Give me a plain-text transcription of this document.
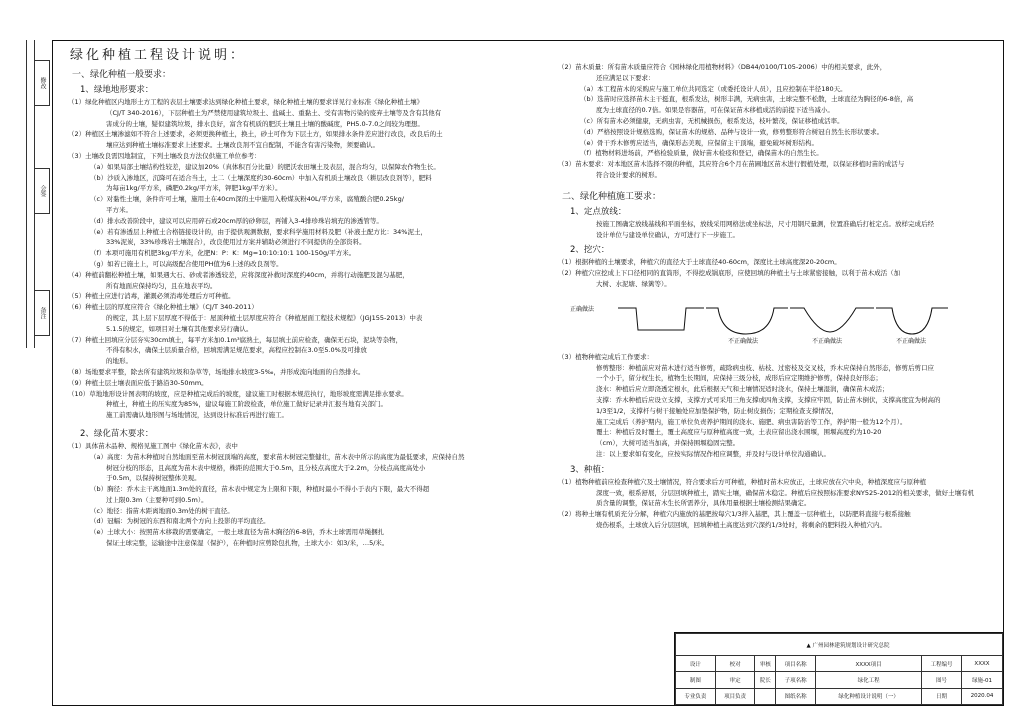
修改
会签
备注
绿化种植工程设计说明：
一、绿化种植一般要求：
1、绿地地形要求：

（1）绿化种植区内地形土方工程的表层土壤要求达到绿化种植土要求，绿化种植土壤的要求详见行业标准《绿化种植土壤》

（CJ/T 340-2016），下层种植土为严禁使用建筑垃圾土、盐碱土、重黏土、受有害物污染的废弃土壤等及含有其他有

害成分的土壤，疑似建筑垃圾，排水良好，富含有机质的肥沃土壤且土壤的酸碱度，PH5.0-7.0之间较为理想。

（2）种植区土壤渗滤如不符合上述要求，必须更换种植土，换土，砂土可作为下层土方，如果排水条件差应进行改良，改良后的土

壤应达到种植土壤标准要求上述要求。土壤改良剂不宜自配制，不能含有害污染物，须要确认。

（3）土壤改良需因地制宜，下列土壤改良方法仅供施工单位参考：

（a）如果局部土壤结构性较差，建议加20%（真体积百分比量）的肥沃农田壤土及表层，混合均匀，以保障农作物生长。

（b）沙质入渗地区，沉降可在适合当土，土二（土壤深度约30-60cm）中加入有机质土壤改良（耕层改良剂等），肥料

为每亩1kg/平方米，磷肥0.2kg/平方米，钾肥1kg/平方米）。

（c）对黏性土壤，条件许可土壤，施用土在40cm深的土中施用入粉煤灰粉40L/平方米，腐殖酸合肥0.25kg/

平方米。

（d）排水改善阶段中，建议可以应用碎石或20cm厚的砂卵层，再铺入3-4排珍珠岩填充的渗透管等。

（e）若有渗透层上种植土合格链接设计的，由于提供观测数据，要求科学施用材料及肥（补液土配方比：34%泥土，

33%泥炭，33%珍珠岩土壤混合），改良使用过方案并辅助必须进行不同提供的全部资料。

（f）本项可施用有机肥3kg/平方米，化肥N：P：K：Mg=10:10:10:1 100-150g/平方米。

（g）如若已施土上，可以高级配合使用PH值为6上述的改良剂等。

（4）种植前翻松种植土壤，如果遇大石、砂或者渗透较差，应将深度补救时深度约40cm，并将行动施肥及混匀基肥，

所有地面应保持均匀，且在地表平均。

（5）种植土应进行消毒，灌溉必须消毒处理后方可种植。

（6）种植土层的厚度应符合《绿化种植土壤》（CJ/T 340-2011）

的规定，其上层下层厚度不得低于：屋顶种植土层厚度应符合《种植屋面工程技术规程》（JGJ155-2013）中表

5.1.5的规定，如项目对土壤有其他要求另行确认。

（7）种植土回填应分层夯实30cm填土，每平方米加0.1m³腐熟土，每层填土前应检查，确保无石块，泥块等杂物，

不得有积水，确保土层质量合格，回填需满足规范要求，高程应控制在3.0至5.0%及可排放

的地形。

（8）场地要求平整，除去所有建筑垃圾和杂草等，场地排水坡度3-5‰，并形成流向地面的自然排水。

（9）种植土层土壤表面应低于路沿30-50mm。

（10）草地地形设计图表明的坡度，应是种植完成后的坡度，建议施工时根据本规范执行，地形坡度需满足排水要求。

种植土，种植土的压实度为85%，建议每施工阶段检查，单位施工做好记录并汇报当地有关部门。

施工前需确认地形图与场地情况，达到设计标准后再进行施工。

2、绿化苗木要求：

（1）具体苗木品种、规格见施工图中《绿化苗木表》，表中

（a）高度：为苗木种植时自然地面至苗木树冠顶端的高度，要求苗木树冠完整健壮，苗木表中所示的高度为最低要求，应保持自然

树冠分枝的形态，且高度为苗木表中规格，株距的范围大于0.5m，且分枝点高度大于2.2m，分枝点高度高处小

于0.5m，以保持树冠整体美观。

（b）胸径：乔木主干离地面1.3m处的直径，苗木表中规定为上限和下限，种植时最小不得小于表内下限，最大不得超

过上限0.3m（主要种可到0.5m）。

（c）地径：指苗木距离地面0.3m处的树干直径。

（d）冠幅：为树冠的东西和南北两个方向上投影的平均直径。

（e）土球大小：按照苗木移栽的需要确定，一般土球直径为苗木胸径的6-8倍，乔木土球需用草绳捆扎

保证土球完整，运输途中注意保湿（保护），在种植时应剪除包扎物，土球大小：如3/米，…5/米。

（2）苗木质量：所有苗木质量应符合《园林绿化用植物材料》（DB44/0100/T105-2006）中的相关要求，此外，

还应满足以下要求：

（a）本工程苗木的采购应与施工单位共同选定（或委托设计人员），且应控制在半径180天。

（b）选苗时应选择苗木主干挺直，根系发达，树形丰满，无病虫害，土球完整不松散，土球直径为胸径的6-8倍，高

度为土球直径的0.7倍。如果是容器苗，可在保证苗木移植成活的前提下适当减小。

（c）所有苗木必须健康，无病虫害，无机械损伤，根系发达，枝叶繁茂，保证移植成活率。

（d）严格按照设计规格选购，保证苗木的规格、品种与设计一致，修剪整形符合树冠自然生长形状要求。

（e）骨干乔木修剪应适当，确保形态美观，应保留主干顶端，避免破坏树形结构。

（f）植物材料进场前，严格检验质量，做好苗木检疫和登记，确保苗木的自然生长。

（3）苗木要求：对本地区苗木选择不限的种植，其应符合6个月在苗圃地区苗木进行假植处理，以保证移植时苗的成活与

符合设计要求的树形。

二、绿化种植施工要求：
1、定点放线：

按施工图确定放线基线和平面坐标，放线采用网格法或坐标法，尺寸用钢尺量测，位置准确后打桩定点。放样完成后经

设计单位与建设单位确认，方可进行下一步施工。

2、挖穴：

（1）根据种植的土壤要求，种植穴的直径大于土球直径40-60cm，深度比土球高度深20-20cm。

（2）种植穴应挖成上下口径相同的直筒形，不得挖成锅底形，应使回填的种植土与土球紧密接触，以利于苗木成活（加

大树、水泥塘、绿篱等）。

正确做法
不正确做法	不正确做法	不正确做法

（3）植物种植完成后工作要求：

修剪整形：种植前应对苗木进行适当修剪，疏除病虫枝、枯枝、过密枝及交叉枝，乔木应保持自然形态，修剪后剪口应

一个小于，留分杈生长，植物生长期间，应保持三级分枝，成形后应定期维护修剪，保持良好形态；

浇水：种植后应立即浇透定根水，此后根据天气和土壤情况适时浇水，保持土壤湿润，确保苗木成活；

支撑：乔木种植后应设立支撑，支撑方式可采用三角支撑或四角支撑，支撑应牢固，防止苗木倒伏，支撑高度宜为树高的

1/3至1/2，支撑杆与树干接触处应加垫保护物，防止树皮损伤；定期检查支撑情况，

施工完成后（养护期内，施工单位负责养护期间的浇水、施肥、病虫害防治等工作，养护期一般为12个月）。

覆土：种植后及时覆土，覆土高度应与原种植高度一致，土表应留出浇水围堰，围堰高度约为10-20

（cm），大树可适当加高，并保持围堰稳固完整。

注：以上要求如有变化，应按实际情况作相应调整，并及时与设计单位沟通确认。

3、种植：

（1）植物种植前应检查种植穴及土壤情况，符合要求后方可种植，种植时苗木应放正，土球应放在穴中央，种植深度应与原种植

深度一致，根系舒展，分层回填种植土，踏实土壤，确保苗木稳定。种植后应按照标准要求NY525-2012的相关要求，做好土壤有机

质含量的调整，保证苗木生长所需养分，具体用量根据土壤检测结果确定。

（2）将种土壤有机质充分分解，种植穴内施放的基肥按每穴1/3拌入基肥，其上覆盖一层种植土，以防肥料直接与根系接触

烧伤根系，土球放入后分层回填，回填种植土高度达到穴深约1/3处时，将剩余的肥料投入种植穴内。

▲ 广州园林建筑规划设计研究总院						
设计	校对	审核	项目名称	XXXX项目	工程编号	XXXX
制图	审定	院长	子项名称	绿化工程	图号	绿施-01
专业负责	项目负责		图纸名称	绿化种植设计说明（一）	日期	2020.04
